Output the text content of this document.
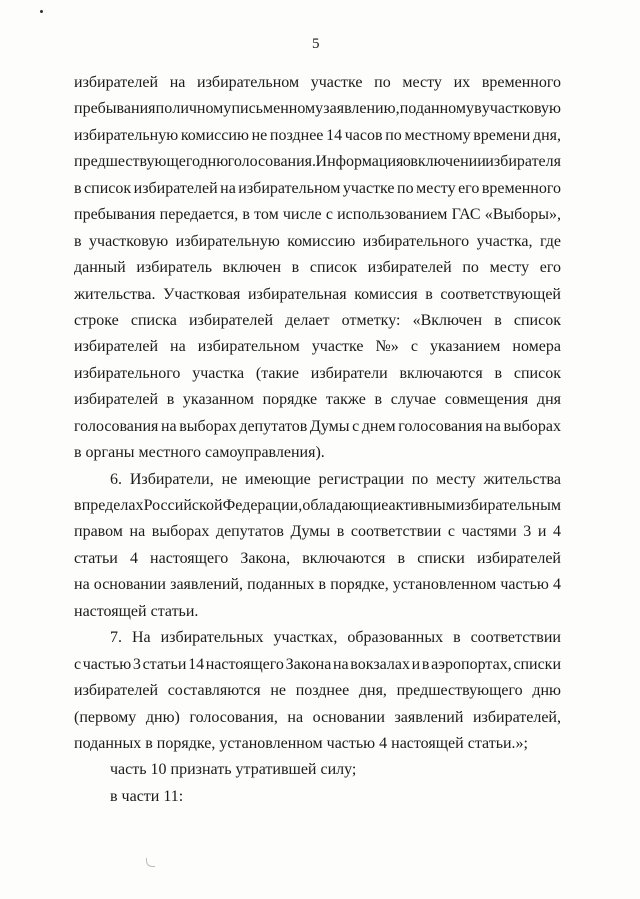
5
избирателей на избирательном участке по месту их временного
пребывания по личному письменному заявлению, поданному в участковую
избирательную комиссию не позднее 14 часов по местному времени дня,
предшествующего дню голосования. Информация о включении избирателя
в список избирателей на избирательном участке по месту его временного
пребывания передается, в том числе с использованием ГАС «Выборы»,
в участковую избирательную комиссию избирательного участка, где
данный избиратель включен в список избирателей по месту его
жительства. Участковая избирательная комиссия в соответствующей
строке списка избирателей делает отметку: «Включен в список
избирателей на избирательном участке №» с указанием номера
избирательного участка (такие избиратели включаются в список
избирателей в указанном порядке также в случае совмещения дня
голосования на выборах депутатов Думы с днем голосования на выборах
в органы местного самоуправления).
6. Избиратели, не имеющие регистрации по месту жительства
в пределах Российской Федерации, обладающие активным избирательным
правом на выборах депутатов Думы в соответствии с частями 3 и 4
статьи 4 настоящего Закона, включаются в списки избирателей
на основании заявлений, поданных в порядке, установленном частью 4
настоящей статьи.
7. На избирательных участках, образованных в соответствии
с частью 3 статьи 14 настоящего Закона на вокзалах и в аэропортах, списки
избирателей составляются не позднее дня, предшествующего дню
(первому дню) голосования, на основании заявлений избирателей,
поданных в порядке, установленном частью 4 настоящей статьи.»;
часть 10 признать утратившей силу;
в части 11:
